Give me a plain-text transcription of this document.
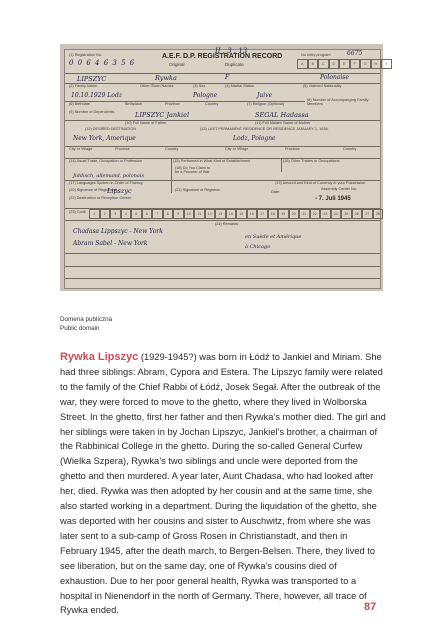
II . 3 . 13	6675
(1) Registration No.	A.E.F. D.P. REGISTRATION RECORD	No entry program
Original	Duplicate
0 0 6 4 6 3 5 6	A	B	C	D	E	F	G	H	I
LIPSZYC	Rywka	F	Polonaise
(2) Family Name	Other Given Names	(3) Sex	(4) Marital Status	(5) Claimed Nationality
10.10.1929 Lodz	Pologne	Juive
(6) Birthdate	Birthplace	Province	Country	(7) Religion (Optional)
(8) Number of Accompanying Family Members
(9) Number of Dependents:	LIPSZYC Jankiel	SEGAL Hadassa
(10) Full Name of Father	(11) Full Maiden Name of Mother
(12) DESIRED DESTINATION	(13) LAST PERMANENT RESIDENCE OR RESIDENCE JANUARY 1, 1938.
New York, Amerique	Lodz, Pologne
City or Village	Province	Country	City or Village	Province	Country
(14) Usual Trade, Occupation or Profession	(15) Performed in What Kind of Establishment	(16) Other Trades or Occupations
(18) Do You Claim to be a Prisoner of War
Jiddisch, allemand, polonais
(17) Languages Spoken in Order of Fluency	(19) Amount and Kind of Currency in your Possession
(20) Signature of Registrant:
Lipszyc	(21) Signature of Registrar:	Date:
Assembly Center No.
- 7. Juli 1945
(22) Destination or Reception Center:
(23) Code	1	2	3	4	5	6	7	8	9	10	11	12	13	14	15	16	17	18	19	20	21	22	23	24	25	26	27	28
(24) Remarks
Chadasa Lippszyc - New York
Abram Sabel - New York
en Suède et Amérique
à Chicago
Domena publiczna
Public domain
Rywka Lipszyc (1929-1945?) was born in Łódź to Jankiel and Miriam. She had three siblings: Abram, Cypora and Estera. The Lipszyc family were related to the family of the Chief Rabbi of Łódź, Josek Segał. After the outbreak of the war, they were forced to move to the ghetto, where they lived in Wolborska Street. In the ghetto, first her father and then Rywka’s mother died. The girl and her siblings were taken in by Jochan Lipszyc, Jankiel’s brother, a chairman of the Rabbinical College in the ghetto. During the so-called General Curfew (Wielka Szpera), Rywka’s two siblings and uncle were deported from the ghetto and then murdered. A year later, Aunt Chadasa, who had looked after her, died. Rywka was then adopted by her cousin and at the same time, she also started working in a department. During the liquidation of the ghetto, she was deported with her cousins and sister to Auschwitz, from where she was later sent to a sub-camp of Gross Rosen in Christianstadt, and then in February 1945, after the death march, to Bergen-Belsen. There, they lived to see liberation, but on the same day, one of Rywka’s cousins died of exhaustion. Due to her poor general health, Rywka was transported to a hospital in Nienendorf in the north of Germany. There, however, all trace of Rywka ended.	87
